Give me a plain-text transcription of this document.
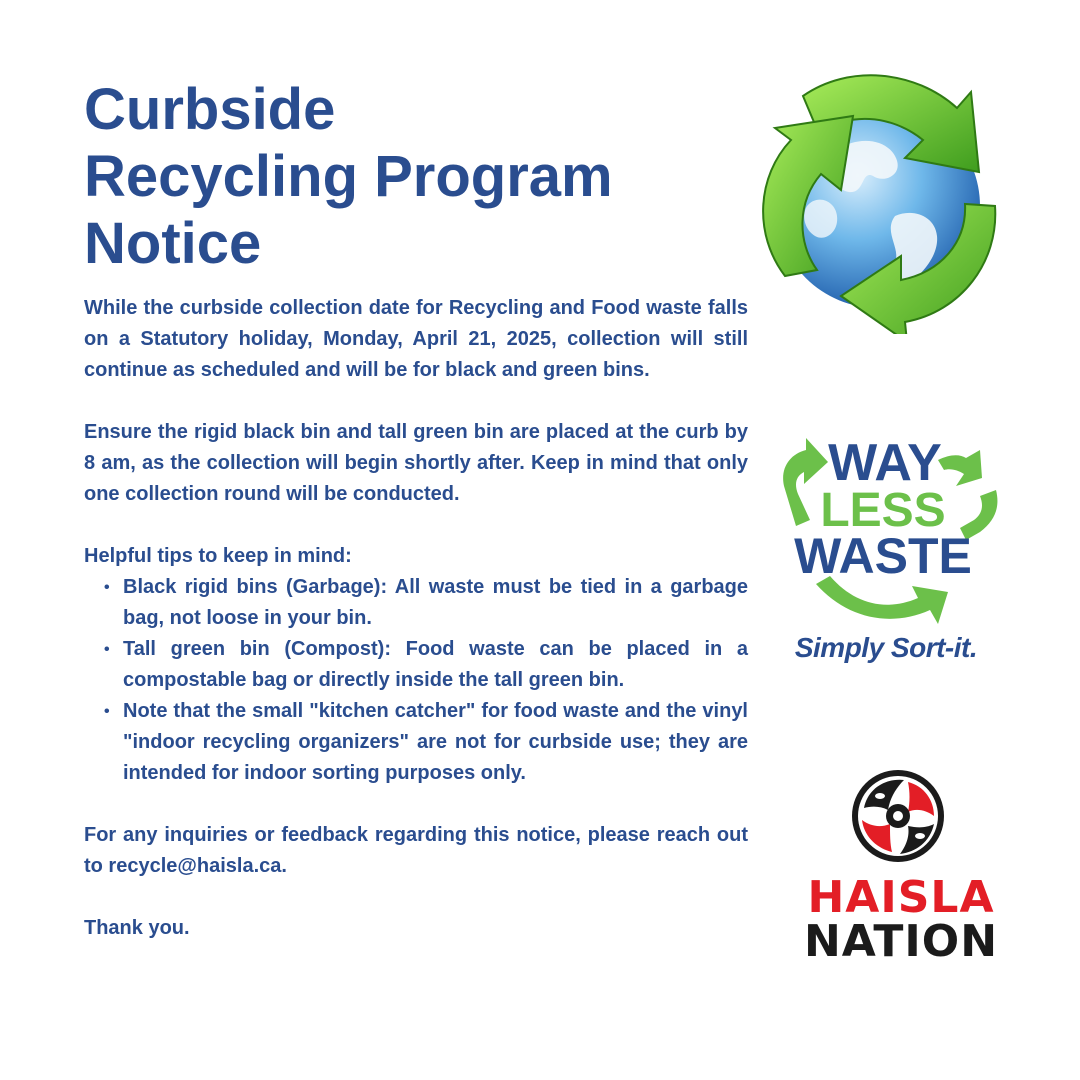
Curbside
Recycling Program
Notice

While the curbside collection date for Recycling and Food waste falls on a Statutory holiday, Monday, April 21, 2025, collection will still continue as scheduled and will be for black and green bins.

Ensure the rigid black bin and tall green bin are placed at the curb by 8 am, as the collection will begin shortly after. Keep in mind that only one collection round will be conducted.

Helpful tips to keep in mind:

• Black rigid bins (Garbage): All waste must be tied in a garbage bag, not loose in your bin.
• Tall green bin (Compost): Food waste can be placed in a compostable bag or directly inside the tall green bin.
• Note that the small "kitchen catcher" for food waste and the vinyl "indoor recycling organizers" are not for curbside use; they are intended for indoor sorting purposes only.

For any inquiries or feedback regarding this notice, please reach out to recycle@haisla.ca.

Thank you.

WAY
LESS
WASTE
Simply Sort-it.
HAISLA
NATION
